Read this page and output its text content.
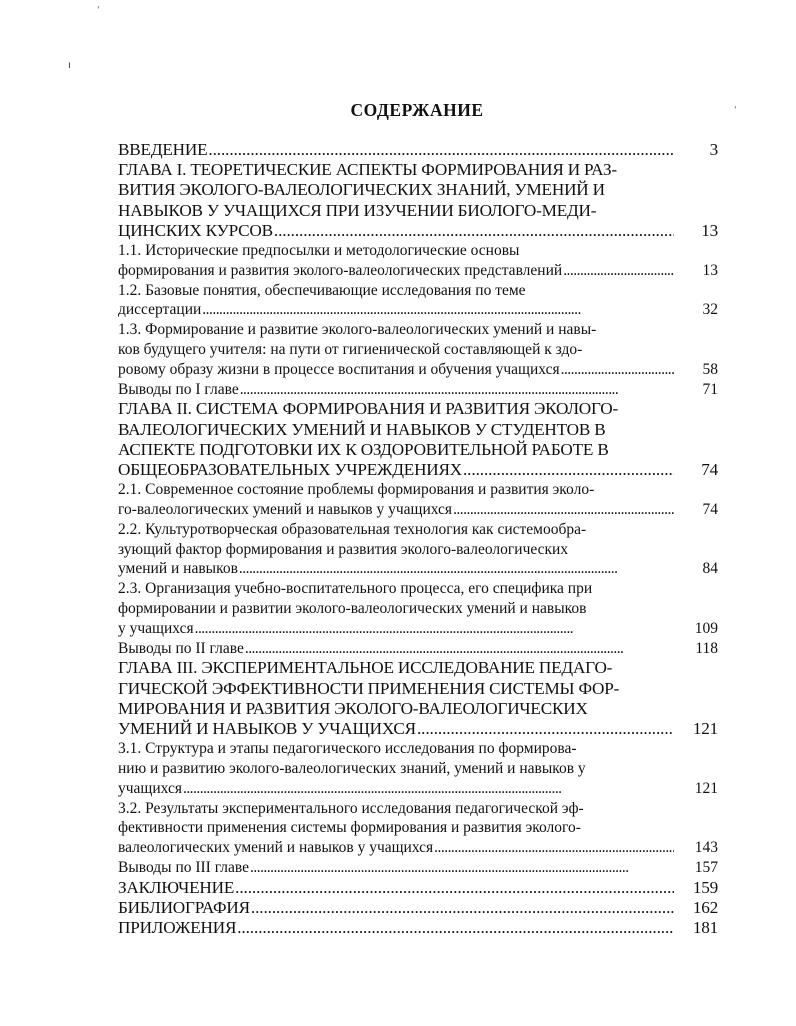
ˈ
ı
ˌ
СОДЕРЖАНИЕ
ВВЕДЕНИЕ . . .	3
ГЛАВА I. ТЕОРЕТИЧЕСКИЕ АСПЕКТЫ ФОРМИРОВАНИЯ И РАЗ-
ВИТИЯ ЭКОЛОГО-ВАЛЕОЛОГИЧЕСКИХ ЗНАНИЙ, УМЕНИЙ И
НАВЫКОВ У УЧАЩИХСЯ ПРИ ИЗУЧЕНИИ БИОЛОГО-МЕДИ-
ЦИНСКИХ КУРСОВ . . .	13
1.1. Исторические предпосылки и методологические основы
формирования и развития эколого-валеологических представлений . . .	13
1.2. Базовые понятия, обеспечивающие исследования по теме
диссертации . . .	32
1.3. Формирование и развитие эколого-валеологических умений и навы-
ков будущего учителя: на пути от гигиенической составляющей к здо-
ровому образу жизни в процессе воспитания и обучения учащихся . . .	58
Выводы по I главе . . .	71
ГЛАВА II. СИСТЕМА ФОРМИРОВАНИЯ И РАЗВИТИЯ ЭКОЛОГО-
ВАЛЕОЛОГИЧЕСКИХ УМЕНИЙ И НАВЫКОВ У СТУДЕНТОВ В
АСПЕКТЕ ПОДГОТОВКИ ИХ К ОЗДОРОВИТЕЛЬНОЙ РАБОТЕ В
ОБЩЕОБРАЗОВАТЕЛЬНЫХ УЧРЕЖДЕНИЯХ . . .	74
2.1. Современное состояние проблемы формирования и развития эколо-
го-валеологических умений и навыков у учащихся . . .	74
2.2. Культуротворческая образовательная технология как системообра-
зующий фактор формирования и развития эколого-валеологических
умений и навыков . . .	84
2.3. Организация учебно-воспитательного процесса, его специфика при
формировании и развитии эколого-валеологических умений и навыков
у учащихся . . .	109
Выводы по II главе . . .	118
ГЛАВА III. ЭКСПЕРИМЕНТАЛЬНОЕ ИССЛЕДОВАНИЕ ПЕДАГО-
ГИЧЕСКОЙ ЭФФЕКТИВНОСТИ ПРИМЕНЕНИЯ СИСТЕМЫ ФОР-
МИРОВАНИЯ И РАЗВИТИЯ ЭКОЛОГО-ВАЛЕОЛОГИЧЕСКИХ
УМЕНИЙ И НАВЫКОВ У УЧАЩИХСЯ . . .	121
3.1. Структура и этапы педагогического исследования по формирова-
нию и развитию эколого-валеологических знаний, умений и навыков у
учащихся . . .	121
3.2. Результаты экспериментального исследования педагогической эф-
фективности применения системы формирования и развития эколого-
валеологических умений и навыков у учащихся . . .	143
Выводы по III главе . . .	157
ЗАКЛЮЧЕНИЕ . . .	159
БИБЛИОГРАФИЯ . . .	162
ПРИЛОЖЕНИЯ . . .	181
